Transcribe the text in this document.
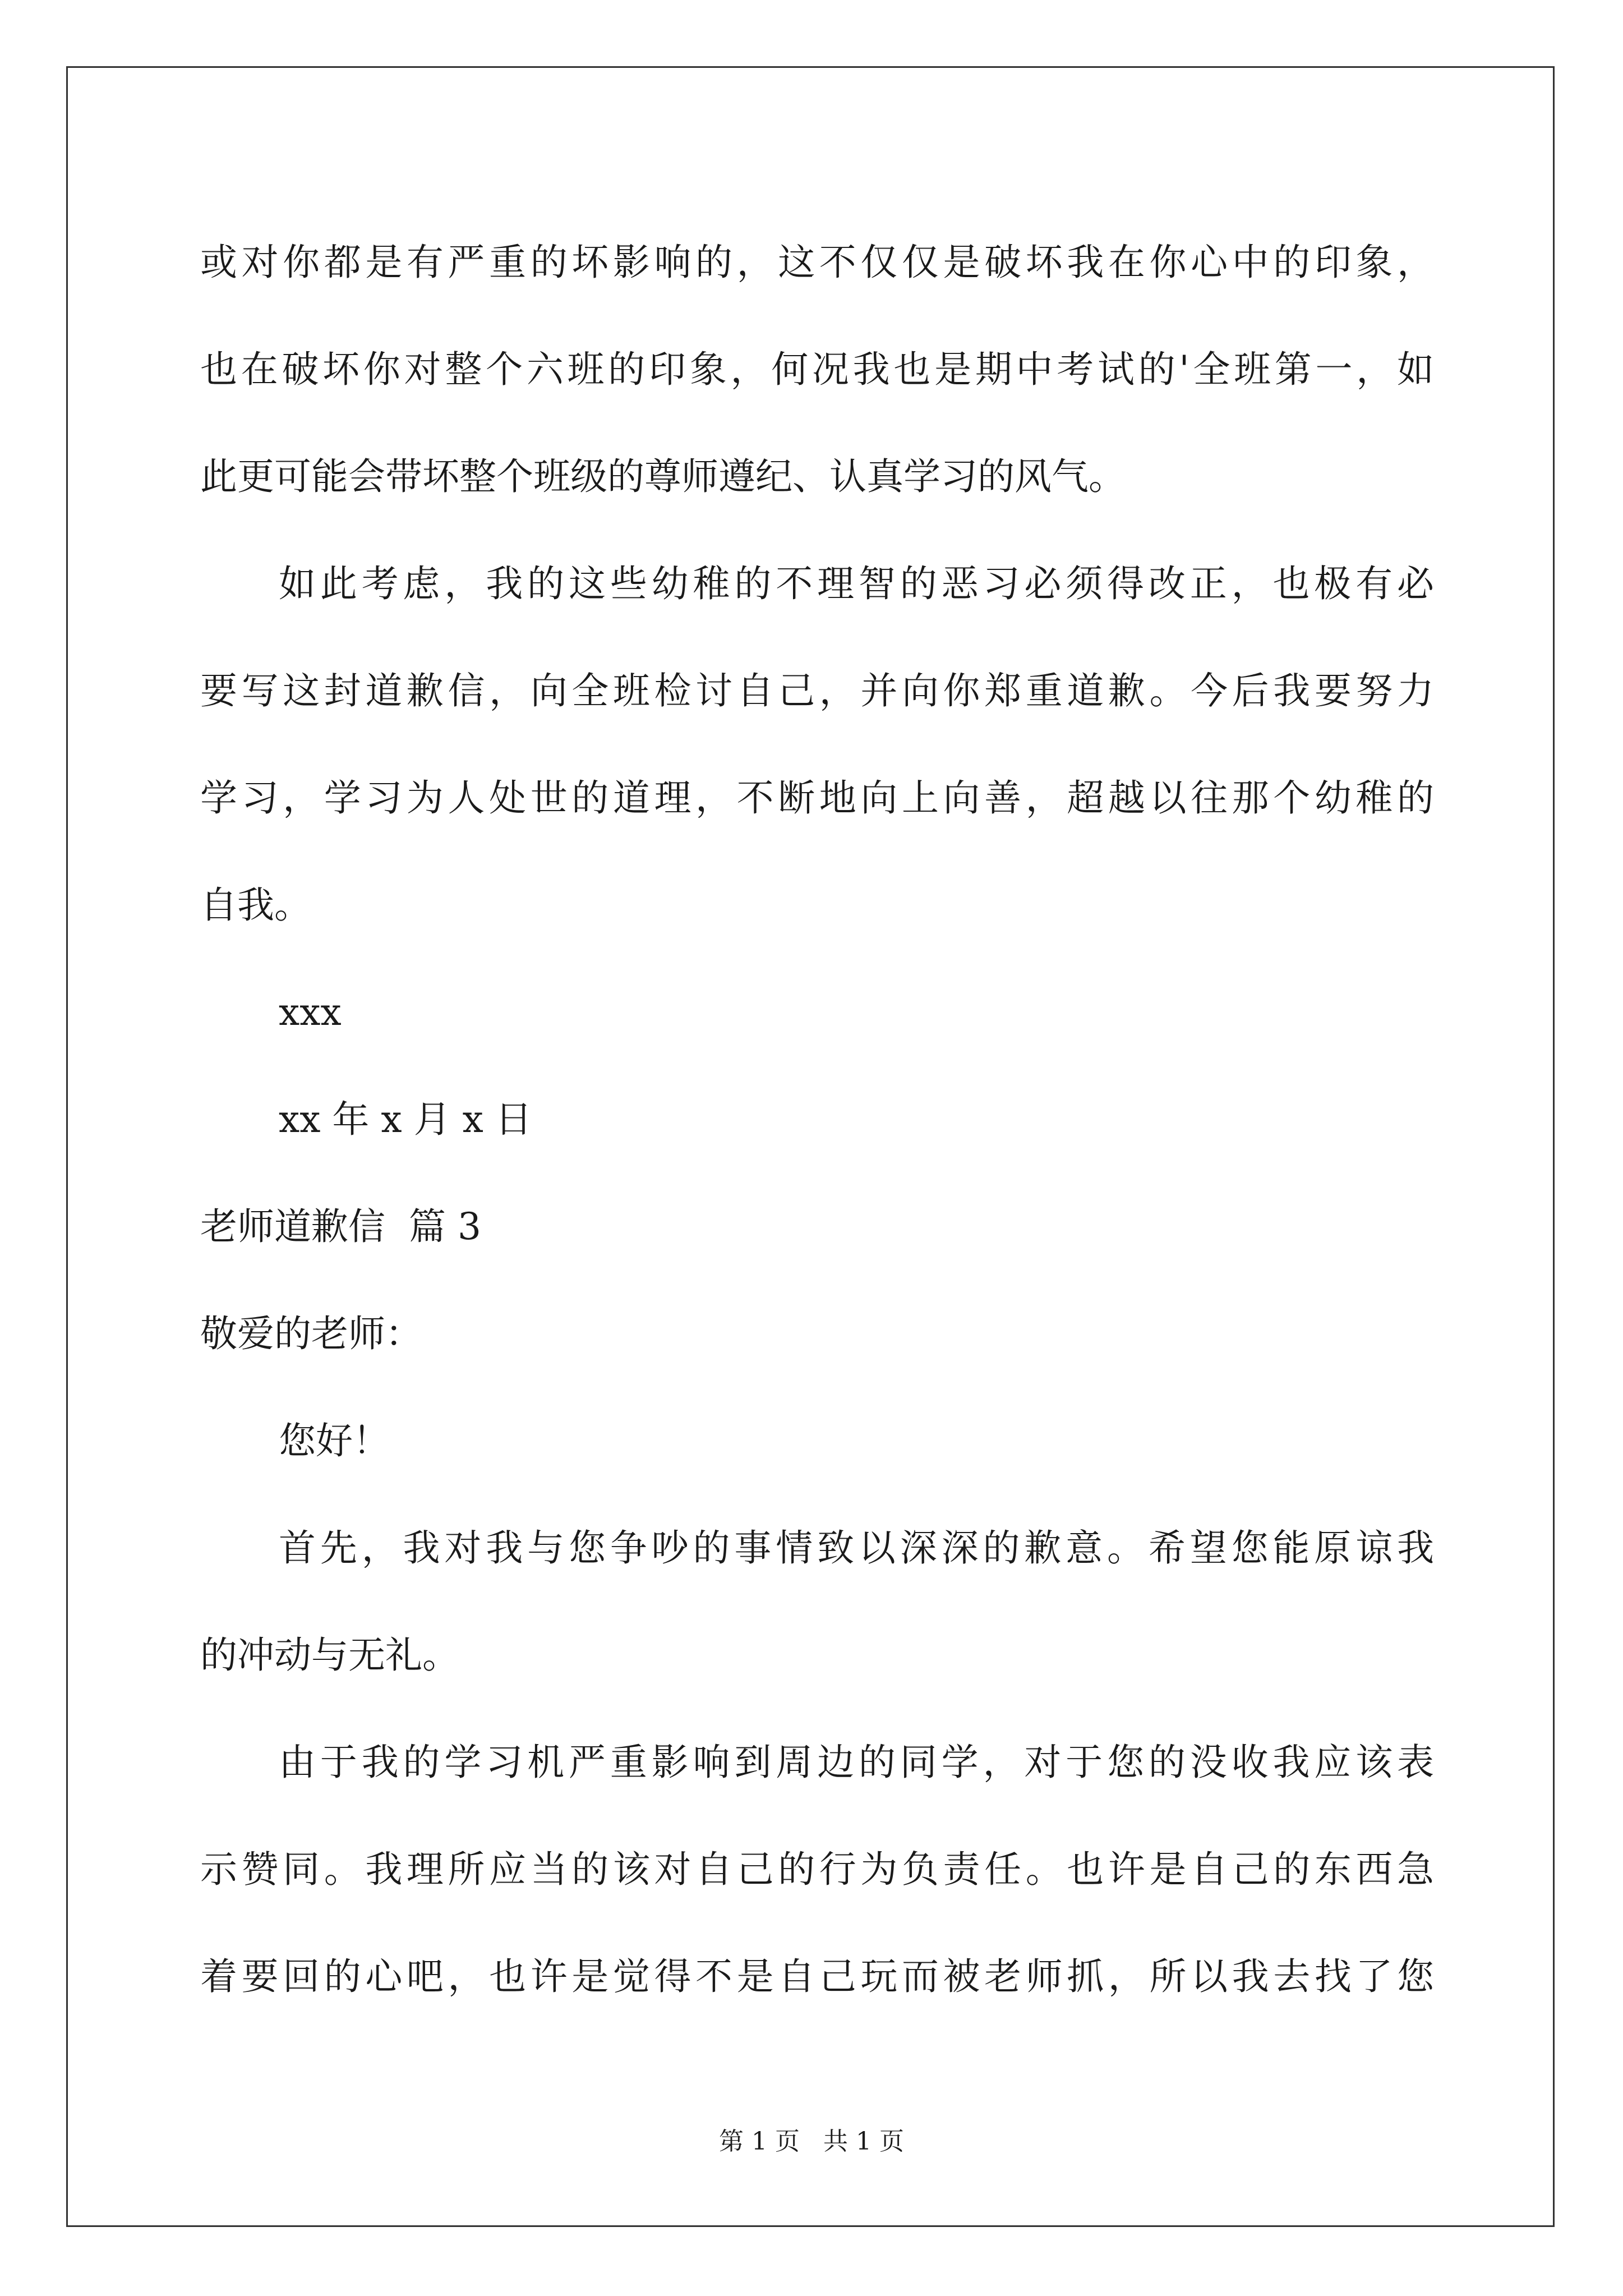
或对你都是有严重的坏影响的，这不仅仅是破坏我在你心中的印象，
也在破坏你对整个六班的印象，何况我也是期中考试的'全班第一，如
此更可能会带坏整个班级的尊师遵纪、认真学习的风气。
如此考虑，我的这些幼稚的不理智的恶习必须得改正，也极有必
要写这封道歉信，向全班检讨自己，并向你郑重道歉。今后我要努力
学习，学习为人处世的道理，不断地向上向善，超越以往那个幼稚的
自我。
xxx
xx 年 x 月 x 日
老师道歉信  篇 3
敬爱的老师：
您好！
首先，我对我与您争吵的事情致以深深的歉意。希望您能原谅我
的冲动与无礼。
由于我的学习机严重影响到周边的同学，对于您的没收我应该表
示赞同。我理所应当的该对自己的行为负责任。也许是自己的东西急
着要回的心吧，也许是觉得不是自己玩而被老师抓，所以我去找了您
第 1 页   共 1 页
